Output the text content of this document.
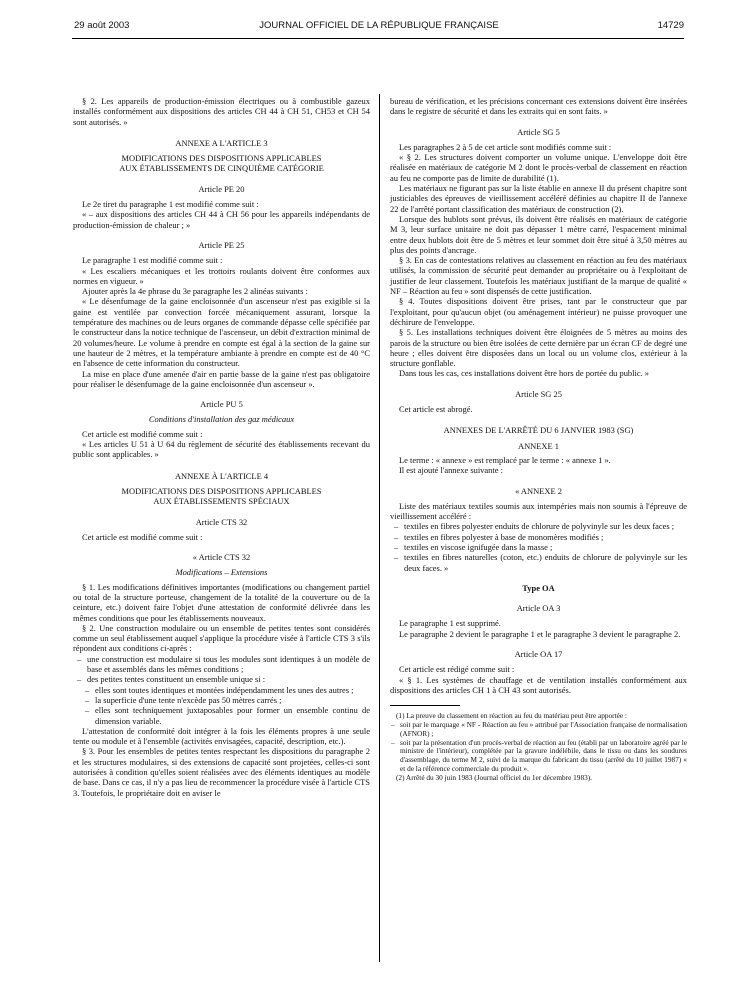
29 août 2003	JOURNAL OFFICIEL DE LA RÉPUBLIQUE FRANÇAISE	14729

§ 2. Les appareils de production-émission électriques ou à combustible gazeux installés conformément aux dispositions des articles CH 44 à CH 51, CH53 et CH 54 sont autorisés. »

ANNEXE A L'ARTICLE 3

MODIFICATIONS DES DISPOSITIONS APPLICABLES

AUX ÉTABLISSEMENTS DE CINQUIÈME CATÉGORIE

Article PE 20

Le 2e tiret du paragraphe 1 est modifié comme suit :

« – aux dispositions des articles CH 44 à CH 56 pour les appareils indépendants de production-émission de chaleur ; »

Article PE 25

Le paragraphe 1 est modifié comme suit :

« Les escaliers mécaniques et les trottoirs roulants doivent être conformes aux normes en vigueur. »

Ajouter après la 4e phrase du 3e paragraphe les 2 alinéas suivants :

« Le désenfumage de la gaine encloisonnée d'un ascenseur n'est pas exigible si la gaine est ventilée par convection forcée mécaniquement assurant, lorsque la température des machines ou de leurs organes de commande dépasse celle spécifiée par le constructeur dans la notice technique de l'ascenseur, un débit d'extraction minimal de 20 volumes/heure. Le volume à prendre en compte est égal à la section de la gaine sur une hauteur de 2 mètres, et la température ambiante à prendre en compte est de 40 °C en l'absence de cette information du constructeur.

La mise en place d'une amenée d'air en partie basse de la gaine n'est pas obligatoire pour réaliser le désenfumage de la gaine encloisonnée d'un ascenseur ».

Article PU 5

Conditions d'installation des gaz médicaux

Cet article est modifié comme suit :

« Les articles U 51 à U 64 du règlement de sécurité des établissements recevant du public sont applicables. »

ANNEXE À L'ARTICLE 4

MODIFICATIONS DES DISPOSITIONS APPLICABLES

AUX ÉTABLISSEMENTS SPÉCIAUX

Article CTS 32

Cet article est modifié comme suit :

« Article CTS 32

Modifications – Extensions

§ 1. Les modifications définitives importantes (modifications ou changement partiel ou total de la structure porteuse, changement de la totalité de la couverture ou de la ceinture, etc.) doivent faire l'objet d'une attestation de conformité délivrée dans les mêmes conditions que pour les établissements nouveaux.

§ 2. Une construction modulaire ou un ensemble de petites tentes sont considérés comme un seul établissement auquel s'applique la procédure visée à l'article CTS 3 s'ils répondent aux conditions ci-après :

– une construction est modulaire si tous les modules sont identiques à un modèle de base et assemblés dans les mêmes conditions ;

– des petites tentes constituent un ensemble unique si :

– elles sont toutes identiques et montées indépendamment les unes des autres ;

– la superficie d'une tente n'excède pas 50 mètres carrés ;

– elles sont techniquement juxtaposables pour former un ensemble continu de dimension variable.

L'attestation de conformité doit intégrer à la fois les éléments propres à une seule tente ou module et à l'ensemble (activités envisagées, capacité, description, etc.).

§ 3. Pour les ensembles de petites tentes respectant les dispositions du paragraphe 2 et les structures modulaires, si des extensions de capacité sont projetées, celles-ci sont autorisées à condition qu'elles soient réalisées avec des éléments identiques au modèle de base. Dans ce cas, il n'y a pas lieu de recommencer la procédure visée à l'article CTS 3. Toutefois, le propriétaire doit en aviser le

bureau de vérification, et les précisions concernant ces extensions doivent être insérées dans le registre de sécurité et dans les extraits qui en sont faits. »

Article SG 5

Les paragraphes 2 à 5 de cet article sont modifiés comme suit :

« § 2. Les structures doivent comporter un volume unique. L'enveloppe doit être réalisée en matériaux de catégorie M 2 dont le procès-verbal de classement en réaction au feu ne comporte pas de limite de durabilité (1).

Les matériaux ne figurant pas sur la liste établie en annexe II du présent chapitre sont justiciables des épreuves de vieillissement accéléré définies au chapitre II de l'annexe 22 de l'arrêté portant classification des matériaux de construction (2).

Lorsque des hublots sont prévus, ils doivent être réalisés en matériaux de catégorie M 3, leur surface unitaire ne doit pas dépasser 1 mètre carré, l'espacement minimal entre deux hublots doit être de 5 mètres et leur sommet doit être situé à 3,50 mètres au plus des points d'ancrage.

§ 3. En cas de contestations relatives au classement en réaction au feu des matériaux utilisés, la commission de sécurité peut demander au propriétaire ou à l'exploitant de justifier de leur classement. Toutefois les matériaux justifiant de la marque de qualité « NF – Réaction au feu » sont dispensés de cette justification.

§ 4. Toutes dispositions doivent être prises, tant par le constructeur que par l'exploitant, pour qu'aucun objet (ou aménagement intérieur) ne puisse provoquer une déchirure de l'enveloppe.

§ 5. Les installations techniques doivent être éloignées de 5 mètres au moins des parois de la structure ou bien être isolées de cette dernière par un écran CF de degré une heure ; elles doivent être disposées dans un local ou un volume clos, extérieur à la structure gonflable.

Dans tous les cas, ces installations doivent être hors de portée du public. »

Article SG 25

Cet article est abrogé.

ANNEXES DE L'ARRÊTÉ DU 6 JANVIER 1983 (SG)

ANNEXE 1

Le terme : « annexe » est remplacé par le terme : « annexe 1 ».

Il est ajouté l'annexe suivante :

« ANNEXE 2

Liste des matériaux textiles soumis aux intempéries mais non soumis à l'épreuve de vieillissement accéléré :

– textiles en fibres polyester enduits de chlorure de polyvinyle sur les deux faces ;

– textiles en fibres polyester à base de monomères modifiés ;

– textiles en viscose ignifugée dans la masse ;

– textiles en fibres naturelles (coton, etc.) enduits de chlorure de polyvinyle sur les deux faces. »

Type OA

Article OA 3

Le paragraphe 1 est supprimé.

Le paragraphe 2 devient le paragraphe 1 et le paragraphe 3 devient le paragraphe 2.

Article OA 17

Cet article est rédigé comme suit :

« § 1. Les systèmes de chauffage et de ventilation installés conformément aux dispositions des articles CH 1 à CH 43 sont autorisés.

(1) La preuve du classement en réaction au feu du matériau peut être apportée :

– soit par le marquage « NF - Réaction au feu » attribué par l'Association française de normalisation (AFNOR) ;

– soit par la présentation d'un procès-verbal de réaction au feu (établi par un laboratoire agréé par le ministre de l'intérieur), complétée par la gravure indélébile, dans le tissu ou dans les soudures d'assemblage, du terme M 2, suivi de la marque du fabricant du tissu (arrêté du 10 juillet 1987) « et de la référence commerciale du produit ».

(2) Arrêté du 30 juin 1983 (Journal officiel du 1er décembre 1983).
